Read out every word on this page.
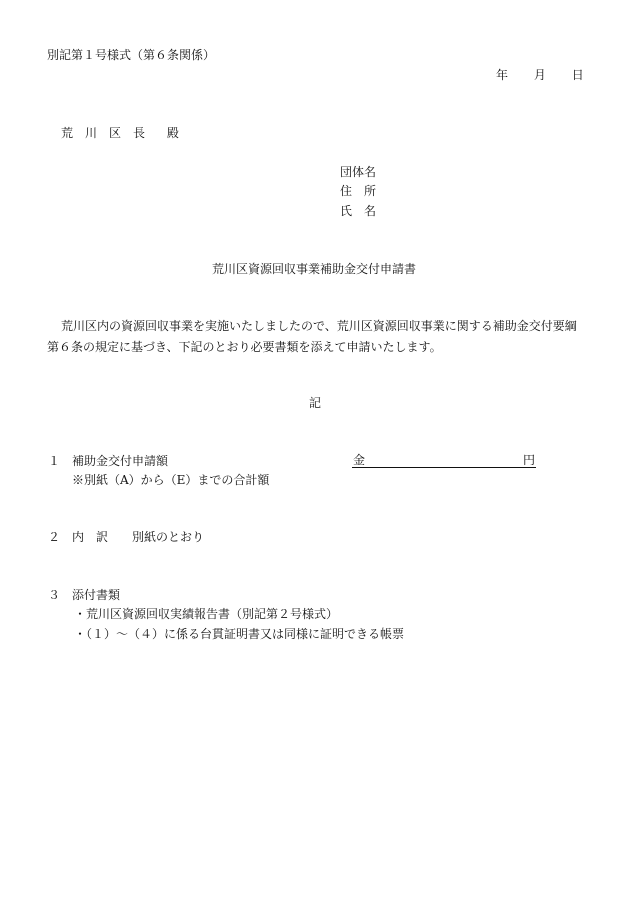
別記第１号様式（第６条関係）
年 月 日
荒　川　区　長 殿
団体名
住　所
氏　名
荒川区資源回収事業補助金交付申請書
荒川区内の資源回収事業を実施いたしましたので、荒川区資源回収事業に関する補助金交付要綱
第６条の規定に基づき、下記のとおり必要書類を添えて申請いたします。
記
１ 補助金交付申請額	金	円
※別紙（A）から（E）までの合計額
２ 内　訳 別紙のとおり
３ 添付書類
・荒川区資源回収実績報告書（別記第２号様式）
・（１）～（４）に係る台貫証明書又は同様に証明できる帳票
